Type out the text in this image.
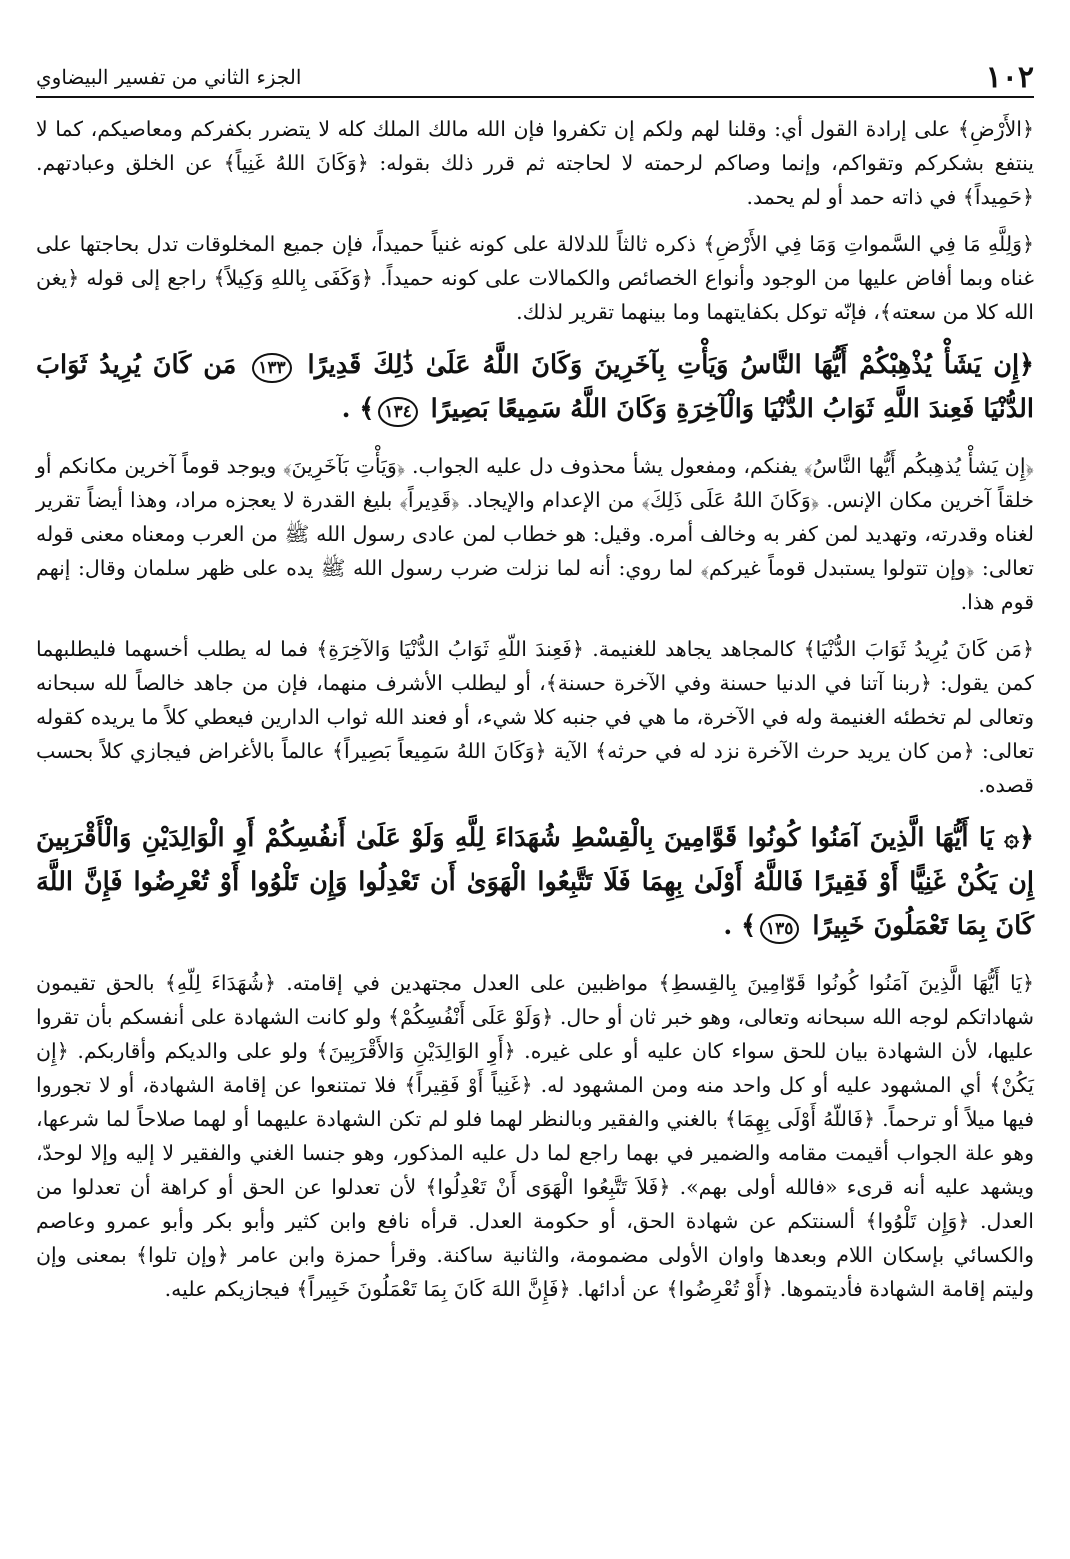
١٠٢
الجزء الثاني من تفسير البيضاوي

﴿الأَرْضِ﴾ على إرادة القول أي: وقلنا لهم ولكم إن تكفروا فإن الله مالك الملك كله لا يتضرر بكفركم ومعاصيكم، كما لا ينتفع بشكركم وتقواكم، وإنما وصاكم لرحمته لا لحاجته ثم قرر ذلك بقوله: ﴿وَكَانَ اللهُ غَنِياً﴾ عن الخلق وعبادتهم. ﴿حَمِيداً﴾ في ذاته حمد أو لم يحمد.

﴿وَلِلَّهِ مَا فِي السَّمواتِ وَمَا فِي الأَرْضِ﴾ ذكره ثالثاً للدلالة على كونه غنياً حميداً، فإن جميع المخلوقات تدل بحاجتها على غناه وبما أفاض عليها من الوجود وأنواع الخصائص والكمالات على كونه حميداً. ﴿وَكَفَى بِاللهِ وَكِيلاً﴾ راجع إلى قوله ﴿يغن الله كلا من سعته﴾، فإنّه توكل بكفايتهما وما بينهما تقرير لذلك.

﴿إِن يَشَأْ يُذْهِبْكُمْ أَيُّهَا النَّاسُ وَيَأْتِ بِآخَرِينَ وَكَانَ اللَّهُ عَلَىٰ ذَٰلِكَ قَدِيرًا ١٣٣ مَن كَانَ يُرِيدُ ثَوَابَ الدُّنْيَا فَعِندَ اللَّهِ ثَوَابُ الدُّنْيَا وَالْآخِرَةِ وَكَانَ اللَّهُ سَمِيعًا بَصِيرًا ١٣٤﴾ .

﴿إِن يَشأْ يُذهِبكُم أَيُّها النَّاسُ﴾ يفنكم، ومفعول يشأ محذوف دل عليه الجواب. ﴿وَيَأْتِ بَآخَرِينَ﴾ ويوجد قوماً آخرين مكانكم أو خلقاً آخرين مكان الإنس. ﴿وَكَانَ اللهُ عَلَى ذَلِكَ﴾ من الإعدام والإيجاد. ﴿قَدِيراً﴾ بليغ القدرة لا يعجزه مراد، وهذا أيضاً تقرير لغناه وقدرته، وتهديد لمن كفر به وخالف أمره. وقيل: هو خطاب لمن عادى رسول الله ﷺ من العرب ومعناه معنى قوله تعالى: ﴿وإن تتولوا يستبدل قوماً غيركم﴾ لما روي: أنه لما نزلت ضرب رسول الله ﷺ يده على ظهر سلمان وقال: إنهم قوم هذا.

﴿مَن كَانَ يُرِيدُ ثَوَابَ الدُّنْيَا﴾ كالمجاهد يجاهد للغنيمة. ﴿فَعِندَ اللّهِ ثَوَابُ الدُّنْيَا وَالآخِرَةِ﴾ فما له يطلب أخسهما فليطلبهما كمن يقول: ﴿ربنا آتنا في الدنيا حسنة وفي الآخرة حسنة﴾، أو ليطلب الأشرف منهما، فإن من جاهد خالصاً لله سبحانه وتعالى لم تخطئه الغنيمة وله في الآخرة، ما هي في جنبه كلا شيء، أو فعند الله ثواب الدارين فيعطي كلاً ما يريده كقوله تعالى: ﴿من كان يريد حرث الآخرة نزد له في حرثه﴾ الآية ﴿وَكَانَ اللهُ سَمِيعاً بَصِيراً﴾ عالماً بالأغراض فيجازي كلاً بحسب قصده.

﴿۞ يَا أَيُّهَا الَّذِينَ آمَنُوا كُونُوا قَوَّامِينَ بِالْقِسْطِ شُهَدَاءَ لِلَّهِ وَلَوْ عَلَىٰ أَنفُسِكُمْ أَوِ الْوَالِدَيْنِ وَالْأَقْرَبِينَ إِن يَكُنْ غَنِيًّا أَوْ فَقِيرًا فَاللَّهُ أَوْلَىٰ بِهِمَا فَلَا تَتَّبِعُوا الْهَوَىٰ أَن تَعْدِلُوا وَإِن تَلْوُوا أَوْ تُعْرِضُوا فَإِنَّ اللَّهَ كَانَ بِمَا تَعْمَلُونَ خَبِيرًا ١٣٥﴾ .

﴿يَا أَيُّهَا الَّذِينَ آمَنُوا كُونُوا قَوّامِينَ بِالقِسطِ﴾ مواظبين على العدل مجتهدين في إقامته. ﴿شُهَدَاءَ لِلّهِ﴾ بالحق تقيمون شهاداتكم لوجه الله سبحانه وتعالى، وهو خبر ثان أو حال. ﴿وَلَوْ عَلَى أَنْفُسِكُمْ﴾ ولو كانت الشهادة على أنفسكم بأن تقروا عليها، لأن الشهادة بيان للحق سواء كان عليه أو على غيره. ﴿أَوِ الوَالِدَيْنِ وَالأَقْرَبِينَ﴾ ولو على والديكم وأقاربكم. ﴿إِن يَكُنْ﴾ أي المشهود عليه أو كل واحد منه ومن المشهود له. ﴿غَنِياً أَوْ فَقِيراً﴾ فلا تمتنعوا عن إقامة الشهادة، أو لا تجوروا فيها ميلاً أو ترحماً. ﴿فَاللّهُ أَوْلَى بِهِمَا﴾ بالغني والفقير وبالنظر لهما فلو لم تكن الشهادة عليهما أو لهما صلاحاً لما شرعها، وهو علة الجواب أقيمت مقامه والضمير في بهما راجع لما دل عليه المذكور، وهو جنسا الغني والفقير لا إليه وإلا لوحدّ، ويشهد عليه أنه قرىء «فالله أولى بهم». ﴿فَلاَ تَتَّبِعُوا الْهَوَى أَنْ تَعْدِلُوا﴾ لأن تعدلوا عن الحق أو كراهة أن تعدلوا من العدل. ﴿وَإِن تَلْوُوا﴾ ألسنتكم عن شهادة الحق، أو حكومة العدل. قرأه نافع وابن كثير وأبو بكر وأبو عمرو وعاصم والكسائي بإسكان اللام وبعدها واوان الأولى مضمومة، والثانية ساكنة. وقرأ حمزة وابن عامر ﴿وإن تلوا﴾ بمعنى وإن وليتم إقامة الشهادة فأديتموها. ﴿أَوْ تُعْرِضُوا﴾ عن أدائها. ﴿فَإِنَّ اللهَ كَانَ بِمَا تَعْمَلُونَ خَبِيراً﴾ فيجازيكم عليه.
